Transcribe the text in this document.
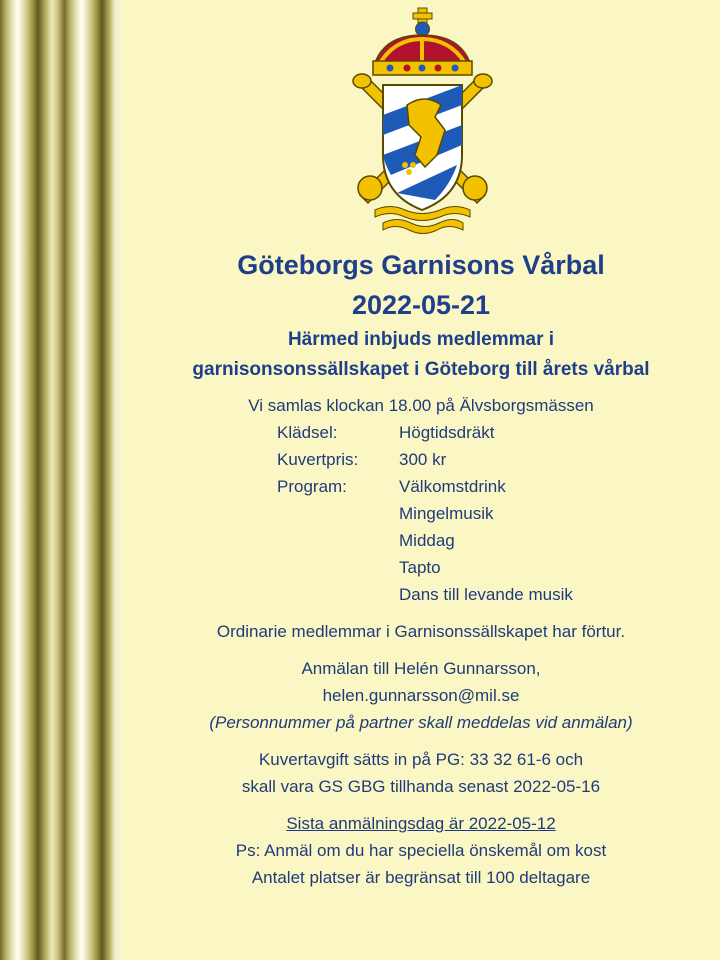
Göteborgs Garnisons Vårbal
2022-05-21
Härmed inbjuds medlemmar i
garnisonsonssällskapet i Göteborg till årets vårbal
Vi samlas klockan 18.00 på Älvsborgsmässen
Klädsel:	Högtidsdräkt
Kuvertpris:	300 kr
Program:	Välkomstdrink
Mingelmusik
Middag
Tapto
Dans till levande musik
Ordinarie medlemmar i Garnisonssällskapet har förtur.
Anmälan till Helén Gunnarsson,
helen.gunnarsson@mil.se
(Personnummer på partner skall meddelas vid anmälan)
Kuvertavgift sätts in på PG: 33 32 61-6 och
skall vara GS GBG tillhanda senast 2022-05-16
Sista anmälningsdag är 2022-05-12
Ps: Anmäl om du har speciella önskemål om kost
Antalet platser är begränsat till 100 deltagare
